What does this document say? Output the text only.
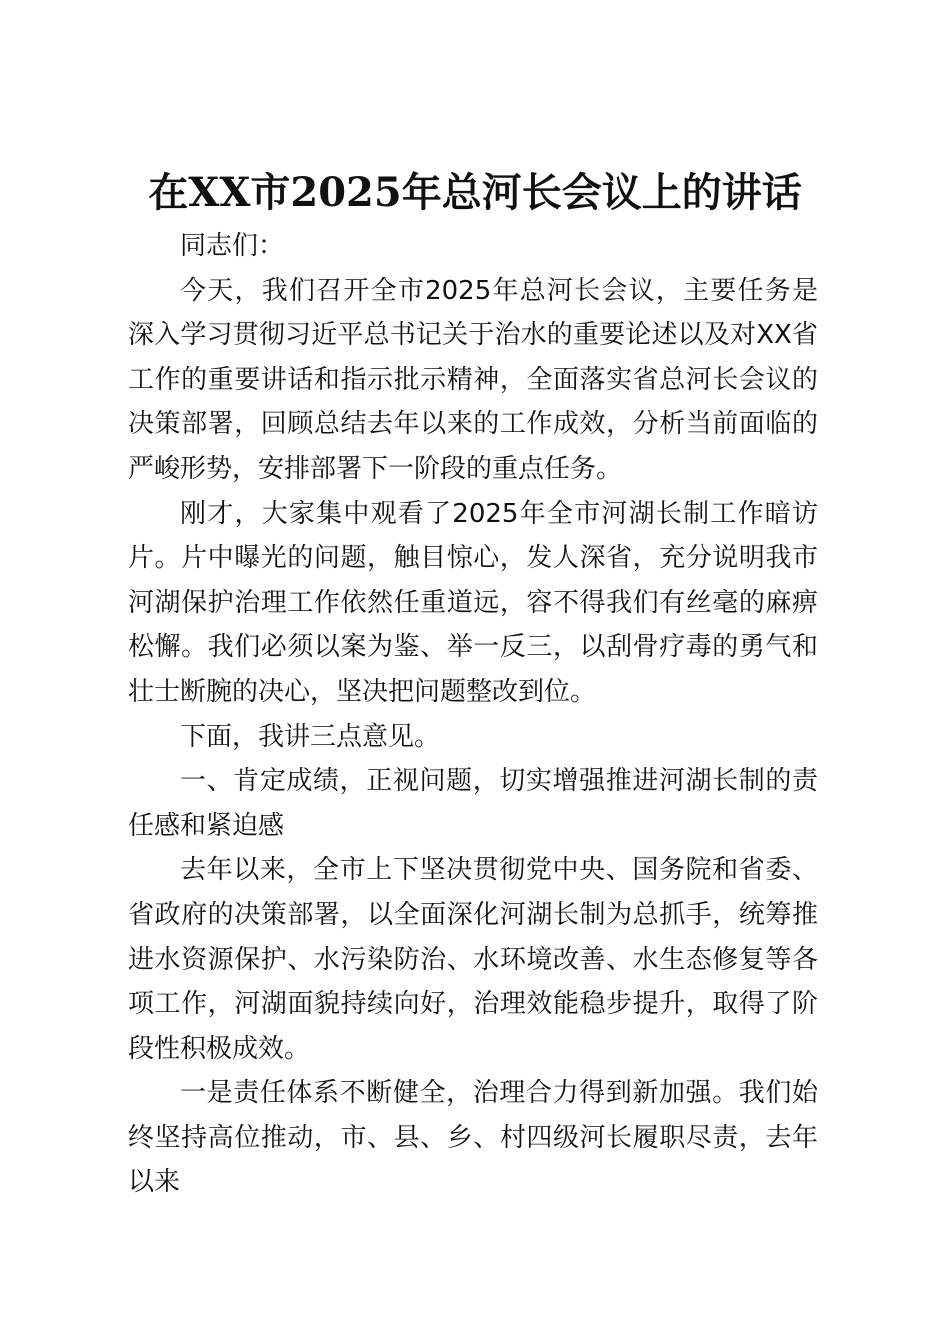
在XX市2025年总河长会议上的讲话

同志们：

今天，我们召开全市2025年总河长会议，主要任务是深入学习贯彻习近平总书记关于治水的重要论述以及对XX省工作的重要讲话和指示批示精神，全面落实省总河长会议的决策部署，回顾总结去年以来的工作成效，分析当前面临的严峻形势，安排部署下一阶段的重点任务。

刚才，大家集中观看了2025年全市河湖长制工作暗访片。片中曝光的问题，触目惊心，发人深省，充分说明我市河湖保护治理工作依然任重道远，容不得我们有丝毫的麻痹松懈。我们必须以案为鉴、举一反三，以刮骨疗毒的勇气和壮士断腕的决心，坚决把问题整改到位。

下面，我讲三点意见。

一、肯定成绩，正视问题，切实增强推进河湖长制的责任感和紧迫感

去年以来，全市上下坚决贯彻党中央、国务院和省委、省政府的决策部署，以全面深化河湖长制为总抓手，统筹推进水资源保护、水污染防治、水环境改善、水生态修复等各项工作，河湖面貌持续向好，治理效能稳步提升，取得了阶段性积极成效。

一是责任体系不断健全，治理合力得到新加强。我们始终坚持高位推动，市、县、乡、村四级河长履职尽责，去年以来
